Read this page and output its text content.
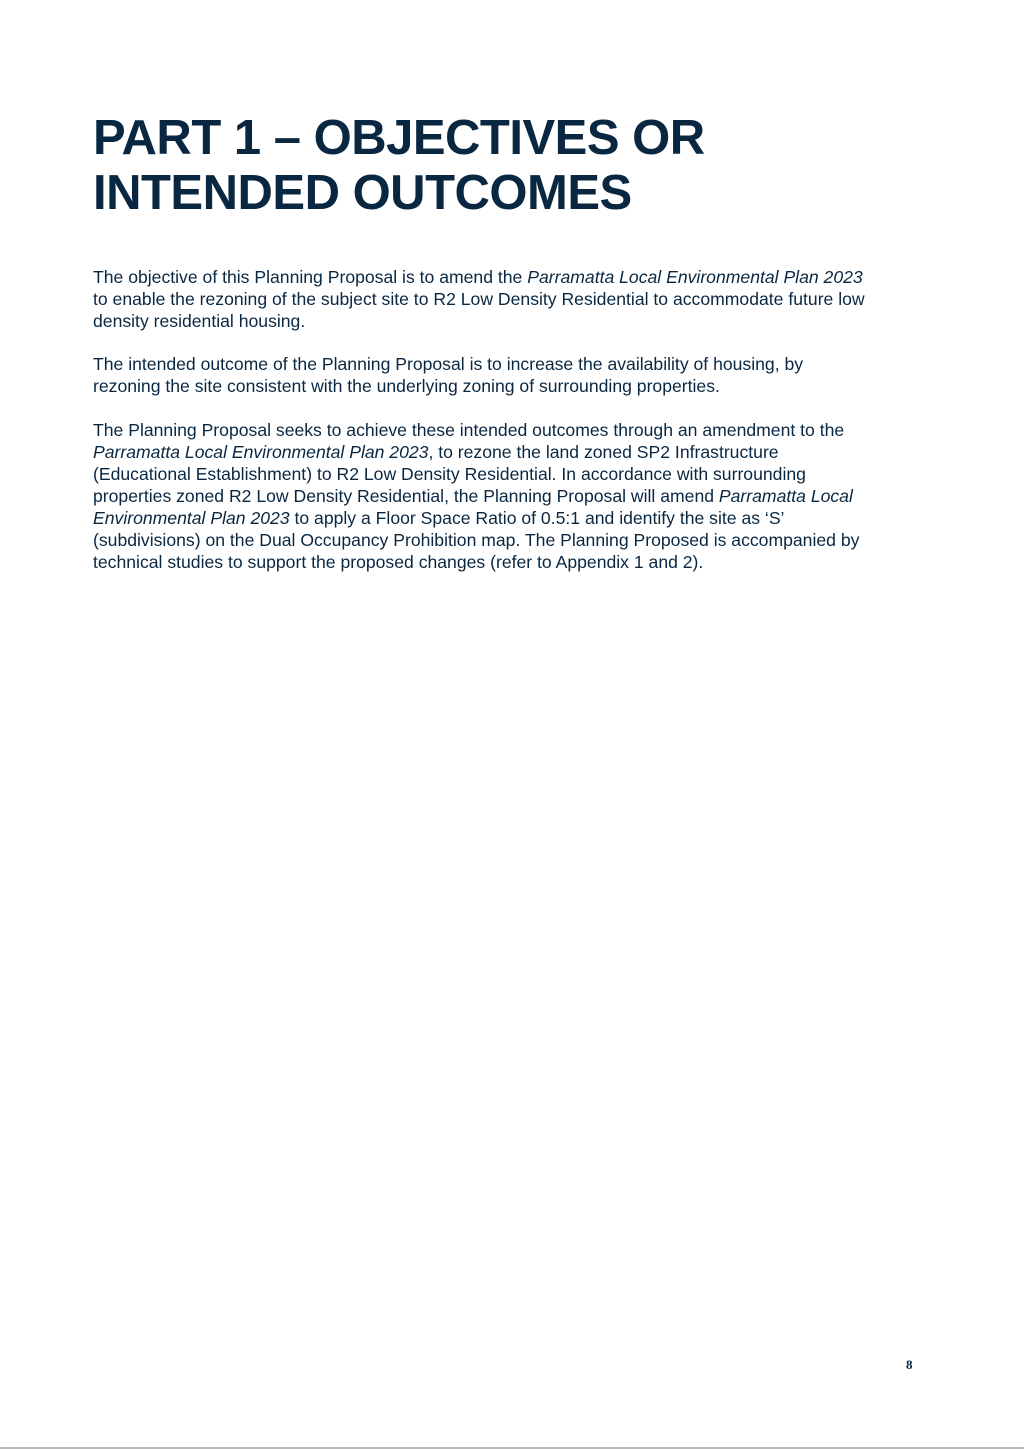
PART 1 – OBJECTIVES OR
INTENDED OUTCOMES
The objective of this Planning Proposal is to amend the Parramatta Local Environmental Plan 2023
to enable the rezoning of the subject site to R2 Low Density Residential to accommodate future low
density residential housing.
The intended outcome of the Planning Proposal is to increase the availability of housing, by
rezoning the site consistent with the underlying zoning of surrounding properties.
The Planning Proposal seeks to achieve these intended outcomes through an amendment to the
Parramatta Local Environmental Plan 2023, to rezone the land zoned SP2 Infrastructure
(Educational Establishment) to R2 Low Density Residential. In accordance with surrounding
properties zoned R2 Low Density Residential, the Planning Proposal will amend Parramatta Local
Environmental Plan 2023 to apply a Floor Space Ratio of 0.5:1 and identify the site as ‘S’
(subdivisions) on the Dual Occupancy Prohibition map. The Planning Proposed is accompanied by
technical studies to support the proposed changes (refer to Appendix 1 and 2).
8
